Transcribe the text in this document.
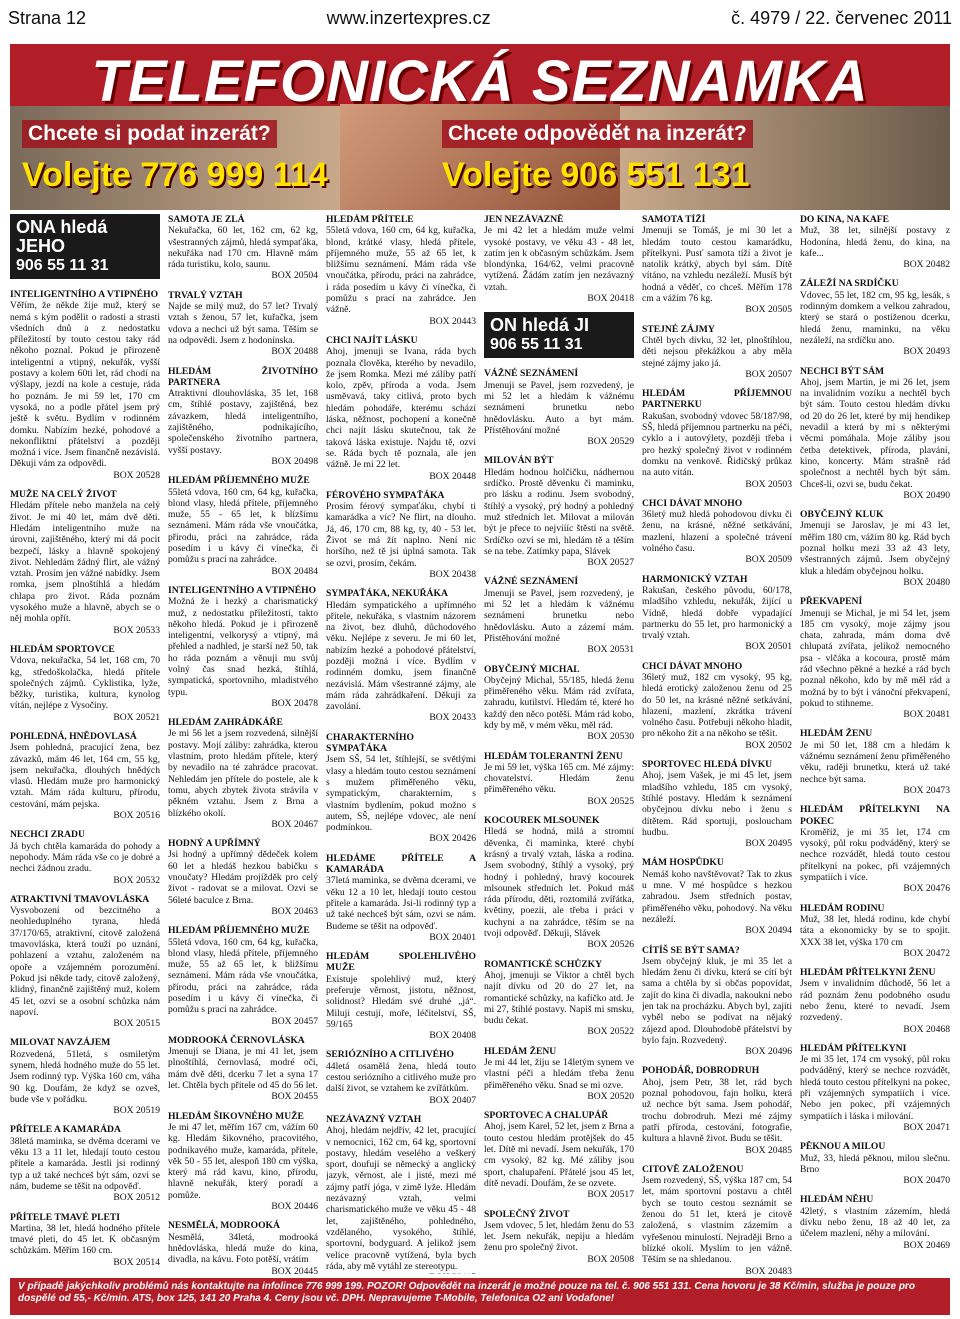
Strana 12	www.inzertexpres.cz	č. 4979 / 22. červenec 2011
TELEFONICKÁ SEZNAMKA
Chcete si podat inzerát?	Chcete odpovědět na inzerát?
Volejte 776 999 114	Volejte 906 551 131
ONA hledá JEHO
906 55 11 31

INTELIGENTNÍHO A VTIPNÉHO
Věřím, že někde žije muž, který se nemá s kým podělit o radosti a strasti všedních dnů a z nedostatku příležitostí by touto cestou taky rád někoho poznal. Pokud je přirozeně inteligentní a vtipný, nekuřák, vyšší postavy a kolem 60ti let, rád chodí na výšlapy, jezdí na kole a cestuje, ráda ho poznám. Je mi 59 let, 170 cm vysoká, no a podle přátel jsem prý ještě k světu. Bydlím v rodinném domku. Nabízím hezké, pohodové a nekonfliktní přátelství a později možná i více. Jsem finančně nezávislá. Děkuji vám za odpovědi.
BOX 20528

MUŽE NA CELÝ ŽIVOT
Hledám přítele nebo manžela na celý život. Je mi 40 let, mám dvě děti. Hledám inteligentního muže na úrovni, zajištěného, který mi dá pocit bezpečí, lásky a hlavně spokojený život. Nehledám žádný flirt, ale vážný vztah. Prosím jen vážné nabídky. Jsem romka, jsem plnoštíhlá a hledám chlapa pro život. Ráda poznám vysokého muže a hlavně, abych se o něj mohla opřít.
BOX 20533

HLEDÁM SPORTOVCE
Vdova, nekuřačka, 54 let, 168 cm, 70 kg, středoškolačka, hledá přítele společných zájmů. Cyklistika, lyže, běžky, turistika, kultura, kynolog vítán, nejlépe z Vysočiny.
BOX 20521

POHLEDNÁ, HNĚDOVLASÁ
Jsem pohledná, pracující žena, bez závazků, mám 46 let, 164 cm, 55 kg, jsem nekuřačka, dlouhých hnědých vlasů. Hledám muže pro harmonický vztah. Mám ráda kulturu, přírodu, cestování, mám pejska.
BOX 20516

NECHCI ZRADU
Já bych chtěla kamaráda do pohody a nepohody. Mám ráda vše co je dobré a nechci žádnou zradu.
BOX 20532

ATRAKTIVNÍ TMAVOVLÁSKA
Vysvobození od bezcitného a neohleduplného tyrana, hledá 37/170/65, atraktivní, citově založená tmavovláska, která touží po uznání, pohlazení a vztahu, založeném na opoře a vzájemném porozumění. Pokud jsi někde tady, citově založený, klidný, finančně zajištěný muž, kolem 45 let, ozvi se a osobní schůzka nám napoví.
BOX 20515

MILOVAT NAVZÁJEM
Rozvedená, 51letá, s osmiletým synem, hledá hodného muže do 55 let. Jsem rodinný typ. Výška 160 cm, váha 90 kg. Doufám, že když se ozveš, bude vše v pořádku.
BOX 20519

PŘÍTELE A KAMARÁDA
38letá maminka, se dvěma dcerami ve věku 13 a 11 let, hledají touto cestou přítele a kamaráda. Jestli jsi rodinný typ a už také nechceš být sám, ozvi se nám, budeme se těšit na odpověď.
BOX 20512

PŘÍTELE TMAVÉ PLETI
Martina, 38 let, hledá hodného přítele tmavé pleti, do 45 let. K občasným schůzkám. Měřím 160 cm.
BOX 20514

SAMOTA JE ZLÁ
Nekuřačka, 60 let, 162 cm, 62 kg, všestranných zájmů, hledá sympaťáka, nekuřáka nad 170 cm. Hlavně mám ráda turistiku, kolo, saunu.
BOX 20504

TRVALÝ VZTAH
Najde se milý muž, do 57 let? Trvalý vztah s ženou, 57 let, kuřačka, jsem vdova a nechci už být sama. Těším se na odpovědi. Jsem z hodonínska.
BOX 20488

HLEDÁM ŽIVOTNÍHO PARTNERA
Atraktivní dlouhovláska, 35 let, 168 cm, štíhlé postavy, zajištěná, bez závazkem, hledá inteligentního, zajištěného, podnikajícího, společenského životního partnera, vyšší postavy.
BOX 20498

HLEDÁM PŘÍJEMNÉHO MUŽE
55letá vdova, 160 cm, 64 kg, kuřačka, blond vlasy, hledá přítele, příjemného muže, 55 - 65 let, k blízšímu seznámení. Mám ráda vše vnoučátka, přírodu, práci na zahrádce, ráda posedím i u kávy či vínečka, či pomůžu s prací na zahrádce.
BOX 20484

INTELIGENTNÍHO A VTIPNÉHO
Možná že i hezký a charismatický muž, z nedostatku příležitostí, takto někoho hledá. Pokud je i přirozeně inteligentní, velkorysý a vtipný, má přehled a nadhled, je starší než 50, tak ho ráda poznám a věnuji mu svůj volný čas snad hezká, štíhlá, sympatická, sportovního, mladistvého typu.
BOX 20478

HLEDÁM ZAHRÁDKÁŘE
Je mi 56 let a jsem rozvedená, silnější postavy. Mojí záliby: zahrádka, kterou vlastním, proto hledám přítele, který by nevadilo na té zahrádce pracovat. Nehledám jen přítele do postele, ale k tomu, abych zbytek života strávila v pěkném vztahu. Jsem z Brna a blízkého okolí.
BOX 20467

HODNÝ A UPŘÍMNÝ
Jsi hodný a upřímný dědeček kolem 60 let a hledáš hezkou babičku s vnoučaty? Hledám projížděk pro celý život - radovat se a milovat. Ozvi se 56leté baculce z Brna.
BOX 20463

HLEDÁM PŘÍJEMNÉHO MUŽE
55letá vdova, 160 cm, 64 kg, kuřačka, blond vlasy, hledá přítele, příjemného muže, 55 až 65 let, k bližšímu seznámení. Mám ráda vše vnoučátka, přírodu, práci na zahrádce, ráda posedím i u kávy či vínečka, či pomůžu s prací na zahrádce.
BOX 20457

MODROOKÁ ČERNOVLÁSKA
Jmenuji se Diana, je mi 41 let, jsem plnoštíhlá, černovlasá, modré oči, mám dvě děti, dcerku 7 let a syna 17 let. Chtěla bych přítele od 45 do 56 let.
BOX 20455

HLEDÁM ŠIKOVNÉHO MUŽE
Je mi 47 let, měřím 167 cm, vážím 60 kg. Hledám šikovného, pracovitého, podnikavého muže, kamaráda, přítele, věk 50 - 55 let, alespoň 180 cm výška, který má rád kavu, kino, přírodu, hlavně nekuřák, který poradí a pomůže.
BOX 20446

NESMĚLÁ, MODROOKÁ
Nesmělá, 34letá, modrooká hnědovláska, hledá muže do kina, divadla, na kávu. Foto potěší, vrátím
BOX 20445

HLEDÁM PŘÍTELE
55letá vdova, 160 cm, 64 kg, kuřačka, blond, krátké vlasy, hledá přítele, příjemného muže, 55 až 65 let, k bližšímu seznámení. Mám ráda vše vnoučátka, přírodu, práci na zahrádce, i ráda posedím u kávy či vínečka, či pomůžu s prací na zahrádce. Jen vážně.
BOX 20443

CHCI NAJÍT LÁSKU
Ahoj, jmenuji se Ivana, ráda bych poznala člověka, kterého by nevadilo, že jsem Romka. Mezi mé záliby patří kolo, zpěv, příroda a voda. Jsem usměvavá, taky citlivá, proto bych hledám pohodáře, kterému schází láska, něžnost, pochopení a konečně chci najít lásku skutečnou, tak že taková láska existuje. Najdu tě, ozvi se. Ráda bych tě poznala, ale jen vážně. Je mi 22 let.
BOX 20448

FÉROVÉHO SYMPAŤÁKA
Prosím férový sympaťáku, chybí ti kamarádka a víc? Ne flirt, na dlouho. Já, 46, 170 cm, 88 kg, ty, 40 - 53 let. Život se má žít naplno. Není nic horšího, než tě jsi úplná samota. Tak se ozvi, prosím, čekám.
BOX 20438

SYMPAŤÁKA, NEKUŘÁKA
Hledám sympatického a upřímného přítele, nekuřáka, s vlastním názorem na život, bez dluhů, důchodového věku. Nejlépe z severu. Je mi 60 let, nabízím hezké a pohodové přátelství, později možná i více. Bydlím v rodinném domku, jsem finančně nezávislá. Mám všestranné zájmy, ale mám ráda zahrádkaření. Děkuji za zavolání.
BOX 20433

CHARAKTERNÍHO SYMPAŤÁKA
Jsem SŠ, 54 let, štíhlejší, se světlými vlasy a hledám touto cestou seznámení s mužem přiměřeného věku, sympatickým, charakterním, s vlastním bydlením, pokud možno s autem, SŠ, nejlépe vdovec, ale není podmínkou.
BOX 20426

HLEDÁME PŘÍTELE A KAMARÁDA
37letá maminka, se dvěma dcerami, ve věku 12 a 10 let, hledají touto cestou přítele a kamaráda. Jsi-li rodinný typ a už také nechceš být sám, ozvi se nám. Budeme se těšit na odpověď.
BOX 20401

HLEDÁM SPOLEHLIVÉHO MUŽE
Existuje spolehlivý muž, který preferuje věrnost, jistotu, něžnost, solidnost? Hledám své druhé „já“. Miluji cestují, moře, léčitelství, SŠ, 59/165
BOX 20408

SERIÓZNÍHO A CITLIVÉHO
44letá osamělá žena, hledá touto cestou seriózního a citlivého muže pro další život, se vztahem ke zvířátkům.
BOX 20407

NEZÁVAZNÝ VZTAH
Ahoj, hledám nejdřív, 42 let, pracující v nemocnici, 162 cm, 64 kg, sportovní postavy, hledám veselého a veškerý sport, doufuji se německý a anglický jazyk, věrnost, ale i jisté, mezi mé zájmy patří jóga, v zimě lyže. Hledám nezávazný vztah, velmi charismatického muže ve věku 45 - 48 let, zajištěného, pohledného, vzdělaného, vysokého, štíhlé, sportovní, bodyguard. A jelikož jsem velice pracovně vytížená, byla bych ráda, aby mě vytáhl ze stereotypu.

JEN NEZÁVAZNĚ
Je mi 42 let a hledám muže velmi vysoké postavy, ve věku 43 - 48 let, zatím jen k občasným schůzkám. Jsem blondýnka, 164/62, velmi pracovně vytížená. Žádám zatím jen nezávazný vztah.
BOX 20418

ON hledá JI
906 55 11 31

VÁŽNÉ SEZNÁMENÍ
Jmenuji se Pavel, jsem rozvedený, je mi 52 let a hledám k vážnému seznámení brunetku nebo hnědovlásku. Auto a byt mám. Přístěhování možné
BOX 20529

MILOVÁN BÝT
Hledám hodnou holčičku, nádhernou srdíčko. Prostě děvenku či maminku, pro lásku a rodinu. Jsem svobodný, štíhlý a vysoký, prý hodný a pohledný muž středních let. Milovat a milován být je přece to nejvíííc štěstí na světě. Srdíčko ozvi se mi, hledám tě a těším se na tebe. Zatímky papa, Slávek
BOX 20527

VÁŽNÉ SEZNÁMENÍ
Jmenuji se Pavel, jsem rozvedený, je mi 52 let a hledám k vážnému seznámení brunetku nebo hnědovlásku. Auto a zázemí mám. Přistěhování možné
BOX 20531

OBYČEJNÝ MICHAL
Obyčejný Michal, 55/185, hledá ženu přiměřeného věku. Mám rád zvířata, zahradu, kutilství. Hledám té, které ho každý den něco potěší. Mám rád kobo, kdy by mě, v mém věku, měl rád.
BOX 20530

HLEDÁM TOLERANTNÍ ŽENU
Je mi 59 let, výška 165 cm. Mé zájmy: chovatelství. Hledám ženu přiměřeného věku.
BOX 20525

KOCOUREK MLSOUNEK
Hledá se hodná, milá a stromní děvenka, či maminka, které chybí krásný a trvalý vztah, láska a rodina. Jsem svobodný, štíhlý a vysoký, prý hodný i pohledný, hravý kocourek mlsounek středních let. Pokud máš ráda přírodu, děti, roztomilá zvířátka, květiny, poezii, ale třeba i práci v kuchyni a na zahrádce, těším se na tvoji odpověď. Děkuji, Slávek
BOX 20526

ROMANTICKÉ SCHŮZKY
Ahoj, jmenuji se Viktor a chtěl bych najít dívku od 20 do 27 let, na romantické schůzky, na kafíčko atd. Je mi 27, štíhlé postavy. Napiš mi smsku, budu čekat.
BOX 20522

HLEDÁM ŽENU
Je mi 44 let, žiju se 14letým synem ve vlastní péči a hledám třeba ženu přiměřeného věku. Snad se mi ozve.
BOX 20520

SPORTOVEC A CHALUPÁŘ
Ahoj, jsem Karel, 52 let, jsem z Brna a touto cestou hledám protějšek do 45 let. Dítě mi nevadí. Jsem nekuřák, 170 cm vysoký, 82 kg. Mé záliby jsou sport, chalupaření. Přátelé jsou 45 let, dítě nevadí. Doufám, že se ozvete.
BOX 20517

SPOLEČNÝ ŽIVOT
Jsem vdovec, 5 let, hledám ženu do 53 let. Jsem nekuřák, nepiju a hledám ženu pro společný život.
BOX 20508

SAMOTA TÍŽÍ
Jmenuji se Tomáš, je mi 30 let a hledám touto cestou kamarádku, přítelkyni. Pusť samota tíží a život je natolik krátký, abych byl sám. Dítě vítáno, na vzhledu nezáleží. Musíš být hodná a věděť, co chceš. Měřím 178 cm a vážím 76 kg.
BOX 20505

STEJNÉ ZÁJMY
Chtěl bych dívku, 32 let, plnoštíhlou, děti nejsou překážkou a aby měla stejné zájmy jako já.
BOX 20507

HLEDÁM PŘÍJEMNOU PARTNERKU
Rakušan, svobodný vdovec 58/187/98, SŠ, hledá příjemnou partnerku na péči, cyklo a i autovýlety, později třeba i pro hezký společný život v rodinném domku na venkově. Řidičský průkaz na auto vítán.
BOX 20503

CHCI DÁVAT MNOHO
36letý muž hledá pohodovou dívku či ženu, na krásné, něžné setkávání, mazlení, hlazení a společné trávení volného času.
BOX 20509

HARMONICKÝ VZTAH
Rakušan, českého původu, 60/178, mladšího vzhledu, nekuřák, žijící u Vídně, hledá dobře vypadající partnerku do 55 let, pro harmonický a trvalý vztah.
BOX 20501

CHCI DÁVAT MNOHO
36letý muž, 182 cm vysoký, 95 kg, hledá erotický založenou ženu od 25 do 50 let, na krásné něžné setkávání, hlazení, mazlení, zkrátka trávení volného času. Potřebuji někoho hladit, pro někoho žít a na někoho se těšit.
BOX 20502

SPORTOVEC HLEDÁ DÍVKU
Ahoj, jsem Vašek, je mi 45 let, jsem mladšího vzhledu, 185 cm vysoký, štíhlé postavy. Hledám k seznámení obyčejnou dívku nebo i ženu s dítětem. Rád sportuji, posloucham hudbu.
BOX 20495

MÁM HOSPŮDKU
Nemáš koho navštěvovat? Tak to zkus u mne. V mé hospůdce s hezkou zahradou. Jsem středních postav, přiměřeného věku, pohodový. Na věku nezáleží.
BOX 20494

CÍTÍŠ SE BÝT SAMA?
Jsem obyčejný kluk, je mi 35 let a hledám ženu či dívku, která se cítí být sama a chtěla by si občas popovídat, zajít do kina či divadla, nakoukni nebo jen tak na procházku. Abych byl, zajíti vyběl nebo se podívat na nějaký zájezd apod. Dlouhodobě přátelství by bylo fajn. Rozvedený.
BOX 20496

POHODÁŘ, DOBRODRUH
Ahoj, jsem Petr, 38 let, rád bych poznal pohodovou, fajn holku, která už nechce být sama. Jsem pohodář, trochu dobrodruh. Mezi mé zájmy patří příroda, cestování, fotografie, kultura a hlavně život. Budu se těšit.
BOX 20485

CITOVĚ ZALOŽENOU
Jsem rozvedený, SŠ, výška 187 cm, 54 let, mám sportovní postavu a chtěl bych se touto cestou seznámit se ženou do 51 let, která je citově založená, s vlastním zázemím a vyřešenou minulostí. Nejraději Brno a blízké okolí. Myslím to jen vážně. Těším se na shledanou.
BOX 20483

DO KINA, NA KAFE
Muž, 38 let, silnější postavy z Hodonína, hledá ženu, do kina, na kafe...
BOX 20482

ZÁLEŽÍ NA SRDÍČKU
Vdovec, 55 let, 182 cm, 95 kg, lesák, s rodinným domkem a velkou zahradou, který se stará o postiženou dcerku, hledá ženu, maminku, na věku nezáleží, na srdíčku ano.
BOX 20493

NECHCI BÝT SÁM
Ahoj, jsem Martin, je mi 26 let, jsem na invalidním vozíku a nechtěl bych být sám. Touto cestou hledám dívku od 20 do 26 let, které by mij hendikep nevadil a která by mi s některými věcmi pomáhala. Moje záliby jsou četba detektivek, příroda, plavání, kino, koncerty. Mám strašně rád společnost a nechtěl bych být sám. Chceš-li, ozvi se, budu čekat.
BOX 20490

OBYČEJNÝ KLUK
Jmenuji se Jaroslav, je mi 43 let, měřím 180 cm, vážím 80 kg. Rád bych poznal holku mezi 33 až 43 lety, všestranných zájmů. Jsem obyčejný kluk a hledám obyčejnou holku.
BOX 20480

PŘEKVAPENÍ
Jmenuji se Michal, je mi 54 let, jsem 185 cm vysoký, moje zájmy jsou chata, zahrada, mám doma dvě chlupatá zvířata, jelikož nemocného psa - vlčáka a kocoura, prostě mám rád všechno pěkné a hezké a rád bych poznal někoho, kdo by mě měl rád a možná by to být i vánoční překvapení, pokud to stihneme.
BOX 20481

HLEDÁM ŽENU
Je mi 50 let, 188 cm a hledám k vážnému seznámení ženu přiměřeného věku, raději brunetku, která už také nechce být sama.
BOX 20473

HLEDÁM PŘÍTELKYNI NA POKEC
Kroměříž, je mi 35 let, 174 cm vysoký, půl roku podváděný, který se nechce rozvádět, hledá touto cestou přítelkyni na pokec, při vzájemných sympatiích i více.
BOX 20476

HLEDÁM RODINU
Muž, 38 let, hledá rodinu, kde chybí táta a ekonomicky by se to spojit. XXX 38 let, výška 170 cm
BOX 20472

HLEDÁM PŘÍTELKYNI ŽENU
Jsem v invalidním důchodě, 56 let a rád poznám ženu podobného osudu nebo ženu, které to nevadí. Jsem rozvedený.
BOX 20468

HLEDÁM PŘÍTELKYNI
Je mi 35 let, 174 cm vysoký, půl roku podváděný, který se nechce rozvádět, hledá touto cestou přítelkyni na pokec, při vzájemných sympatiích i více. Nebo jen pokec, při vzájemných sympatiích i láska i milování.
BOX 20471

PĚKNOU A MILOU
Muž, 33, hledá pěknou, milou slečnu. Brno
BOX 20470

HLEDÁM NĚHU
42letý, s vlastním zázemím, hledá dívku nebo ženu, 18 až 40 let, za účelem mazlení, něhy a milování.
BOX 20469

V případě jakýchkoliv problémů nás kontaktujte na infolince 776 999 199. POZOR! Odpovědět na inzerát je možné pouze na tel. č. 906 551 131. Cena hovoru je 38 Kč/min, služba je pouze pro dospělé od 55,- Kč/min. ATS, box 125, 141 20 Praha 4. Ceny jsou vč. DPH. Nepravujeme T-Mobile, Telefonica O2 ani Vodafone!
